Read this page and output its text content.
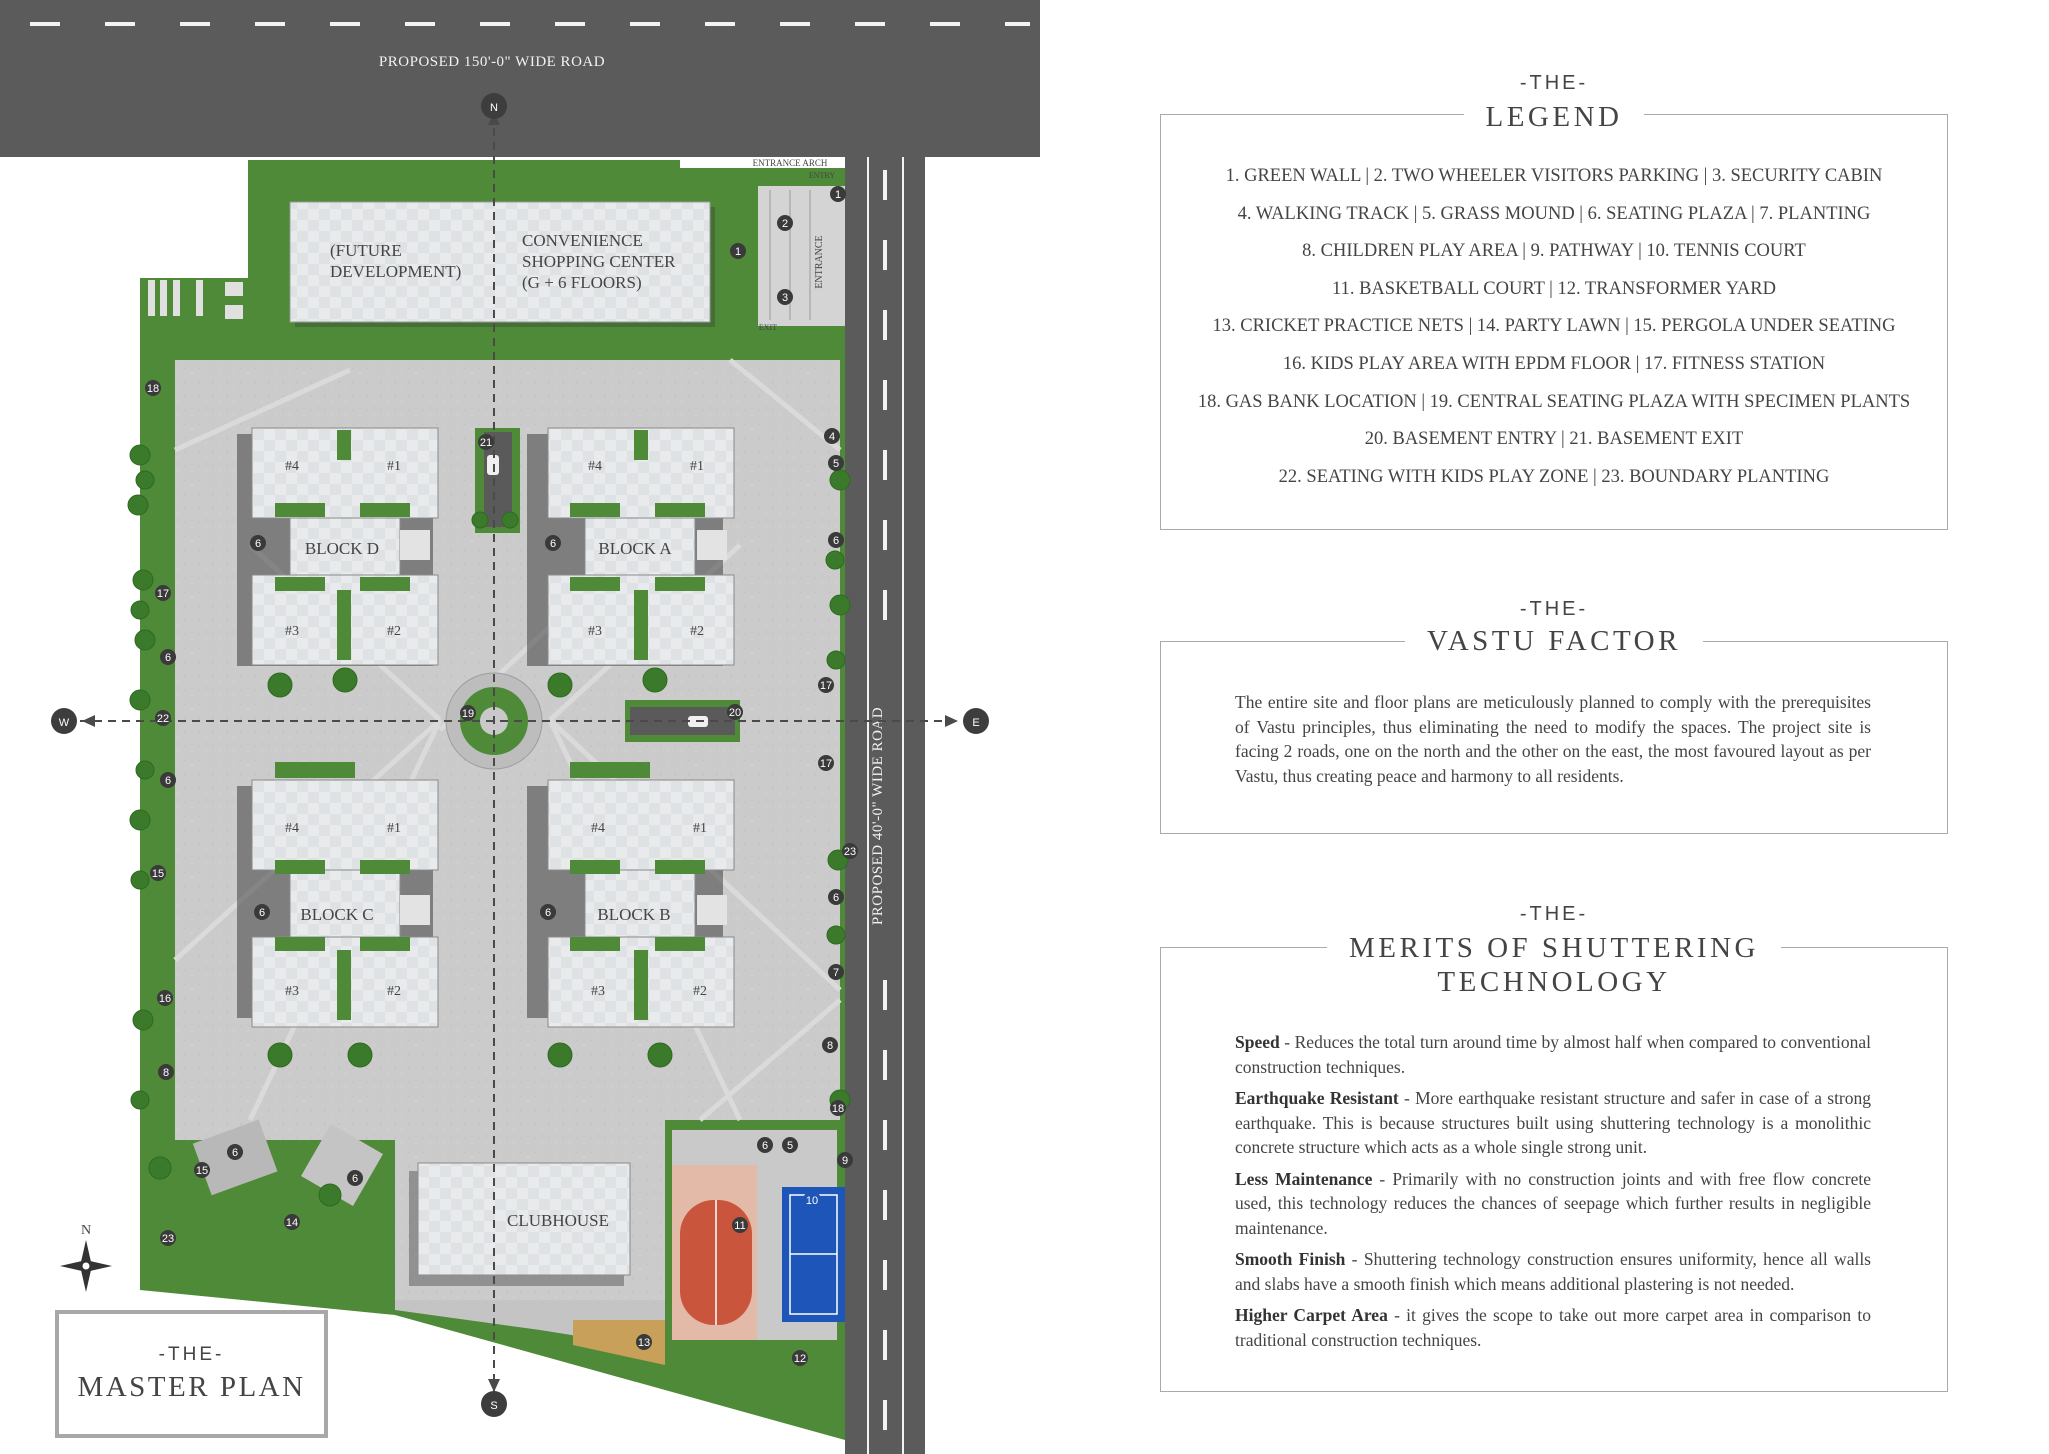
PROPOSED 150'-0" WIDE ROAD
PROPOSED 40'-0" WIDE ROAD
ENTRANCE ARCH
ENTRY
ENTRANCE
EXIT
(FUTURE DEVELOPMENT)
CONVENIENCE SHOPPING CENTER (G + 6 FLOORS)
BLOCK D	BLOCK A
BLOCK C	BLOCK B
#4	#1
#3	#2
#4	#1
#3	#2
#4	#1
#3	#2
#4	#1
#3	#2
CLUBHOUSE
N
S
W	E
N
1
1
2
3
4
5
5
6
6	6
6	6
6
6
6
6
6
6
7
8
8
9
10
11
12
13
14
15
15
16
17
17
17
18
18
19	20
21
22
23
23
-THE-
MASTER PLAN
-THE-
LEGEND
1. GREEN WALL | 2. TWO WHEELER VISITORS PARKING | 3. SECURITY CABIN
4. WALKING TRACK | 5. GRASS MOUND | 6. SEATING PLAZA | 7. PLANTING
8. CHILDREN PLAY AREA | 9. PATHWAY | 10. TENNIS COURT
11. BASKETBALL COURT | 12. TRANSFORMER YARD
13. CRICKET PRACTICE NETS | 14. PARTY LAWN | 15. PERGOLA UNDER SEATING
16. KIDS PLAY AREA WITH EPDM FLOOR | 17. FITNESS STATION
18. GAS BANK LOCATION | 19. CENTRAL SEATING PLAZA WITH SPECIMEN PLANTS
20. BASEMENT ENTRY | 21. BASEMENT EXIT
22. SEATING WITH KIDS PLAY ZONE | 23. BOUNDARY PLANTING
-THE-
VASTU FACTOR
The entire site and floor plans are meticulously planned to comply with the prerequisites of Vastu principles, thus eliminating the need to modify the spaces. The project site is facing 2 roads, one on the north and the other on the east, the most favoured layout as per Vastu, thus creating peace and harmony to all residents.
-THE-
MERITS OF SHUTTERING
TECHNOLOGY
Speed - Reduces the total turn around time by almost half when compared to conventional construction techniques.
Earthquake Resistant - More earthquake resistant structure and safer in case of a strong earthquake. This is because structures built using shuttering technology is a monolithic concrete structure which acts as a whole single strong unit.
Less Maintenance - Primarily with no construction joints and with free flow concrete used, this technology reduces the chances of seepage which further results in negligible maintenance.
Smooth Finish - Shuttering technology construction ensures uniformity, hence all walls and slabs have a smooth finish which means additional plastering is not needed.
Higher Carpet Area - it gives the scope to take out more carpet area in comparison to traditional construction techniques.
